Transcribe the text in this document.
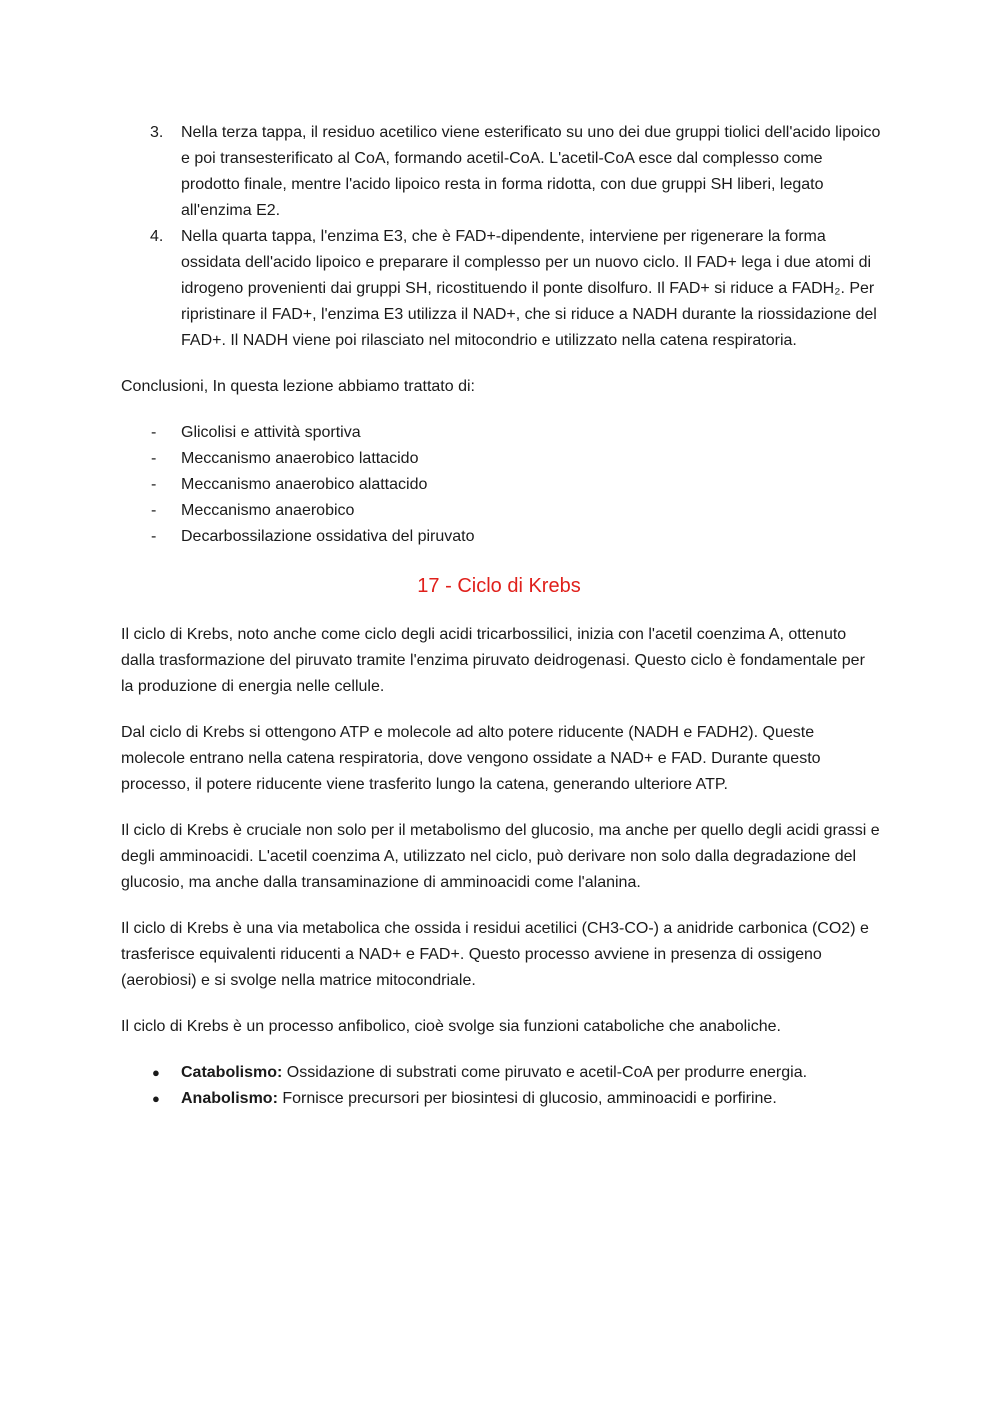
3. Nella terza tappa, il residuo acetilico viene esterificato su uno dei due gruppi tiolici dell'acido lipoico e poi transesterificato al CoA, formando acetil-CoA. L'acetil-CoA esce dal complesso come prodotto finale, mentre l'acido lipoico resta in forma ridotta, con due gruppi SH liberi, legato all'enzima E2.
4. Nella quarta tappa, l'enzima E3, che è FAD+-dipendente, interviene per rigenerare la forma ossidata dell'acido lipoico e preparare il complesso per un nuovo ciclo. Il FAD+ lega i due atomi di idrogeno provenienti dai gruppi SH, ricostituendo il ponte disolfuro. Il FAD+ si riduce a FADH₂. Per ripristinare il FAD+, l'enzima E3 utilizza il NAD+, che si riduce a NADH durante la riossidazione del FAD+. Il NADH viene poi rilasciato nel mitocondrio e utilizzato nella catena respiratoria.

Conclusioni, In questa lezione abbiamo trattato di:

- Glicolisi e attività sportiva
- Meccanismo anaerobico lattacido
- Meccanismo anaerobico alattacido
- Meccanismo anaerobico
- Decarbossilazione ossidativa del piruvato
17 - Ciclo di Krebs

Il ciclo di Krebs, noto anche come ciclo degli acidi tricarbossilici, inizia con l'acetil coenzima A, ottenuto dalla trasformazione del piruvato tramite l'enzima piruvato deidrogenasi. Questo ciclo è fondamentale per la produzione di energia nelle cellule.

Dal ciclo di Krebs si ottengono ATP e molecole ad alto potere riducente (NADH e FADH2). Queste molecole entrano nella catena respiratoria, dove vengono ossidate a NAD+ e FAD. Durante questo processo, il potere riducente viene trasferito lungo la catena, generando ulteriore ATP.

Il ciclo di Krebs è cruciale non solo per il metabolismo del glucosio, ma anche per quello degli acidi grassi e degli amminoacidi. L'acetil coenzima A, utilizzato nel ciclo, può derivare non solo dalla degradazione del glucosio, ma anche dalla transaminazione di amminoacidi come l'alanina.

Il ciclo di Krebs è una via metabolica che ossida i residui acetilici (CH3-CO-) a anidride carbonica (CO2) e trasferisce equivalenti riducenti a NAD+ e FAD+. Questo processo avviene in presenza di ossigeno (aerobiosi) e si svolge nella matrice mitocondriale.

Il ciclo di Krebs è un processo anfibolico, cioè svolge sia funzioni cataboliche che anaboliche.

● Catabolismo: Ossidazione di substrati come piruvato e acetil-CoA per produrre energia.
● Anabolismo: Fornisce precursori per biosintesi di glucosio, amminoacidi e porfirine.
